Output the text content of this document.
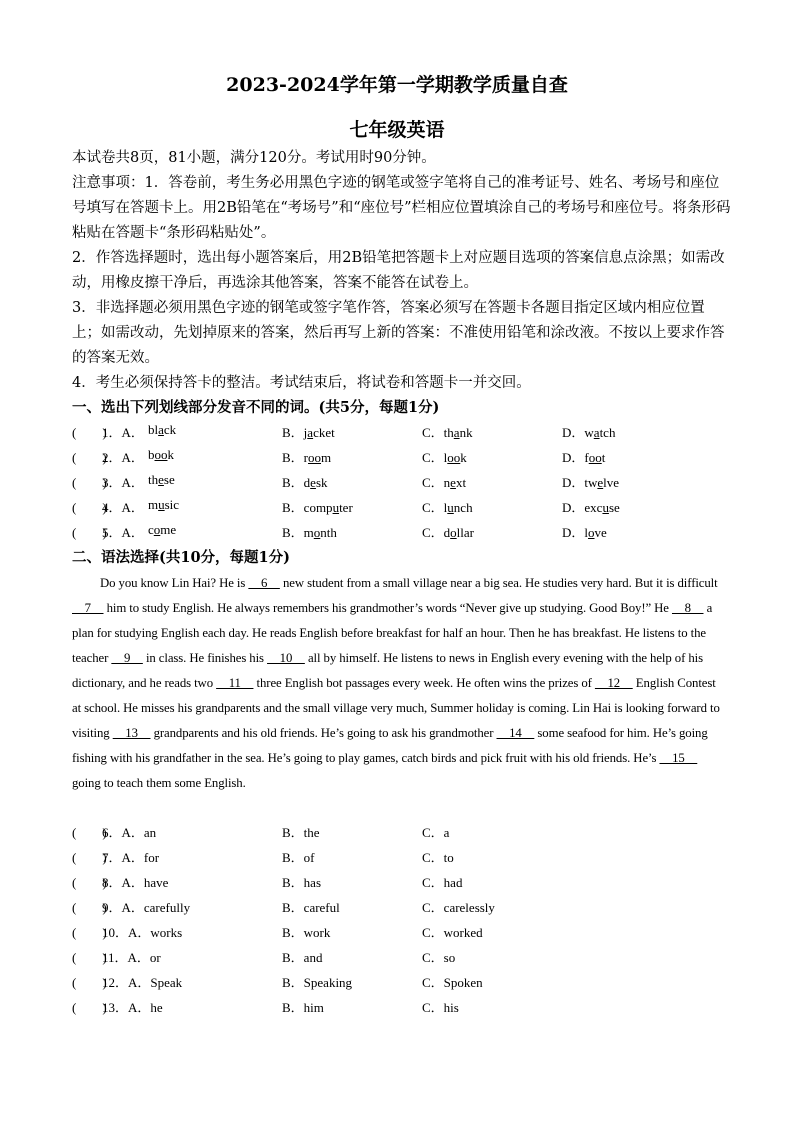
2023-2024学年第一学期教学质量自查
七年级英语
本试卷共8页，81小题，满分120分。考试用时90分钟。
注意事项：1．答卷前，考生务必用黑色字迹的钢笔或签字笔将自己的准考证号、姓名、考场号和座位号填写在答题卡上。用2B铅笔在“考场号”和“座位号”栏相应位置填涂自己的考场号和座位号。将条形码粘贴在答题卡“条形码粘贴处”。
2．作答选择题时，选出每小题答案后，用2B铅笔把答题卡上对应题目选项的答案信息点涂黑；如需改动，用橡皮擦干净后，再选涂其他答案，答案不能答在试卷上。
3．非选择题必须用黑色字迹的钢笔或签字笔作答，答案必须写在答题卡各题目指定区域内相应位置上；如需改动，先划掉原来的答案，然后再写上新的答案：不准使用铅笔和涂改液。不按以上要求作答的答案无效。
4．考生必须保持答卡的整洁。考试结束后，将试卷和答题卡一并交回。
一、选出下列划线部分发音不同的词。(共5分，每题1分)
(　　)
1．A． black	B．jacket	C．thank	D．watch
(　　)
2．A． book	B．room	C．look	D．foot
(　　)
3．A． these	B．desk	C．next	D．twelve
(　　)
4．A． music	B．computer	C．lunch	D．excuse
(　　)
5．A． come	B．month	C．dollar	D．love
二、语法选择(共10分，每题1分)
Do you know Lin Hai? He is   6   new student from a small village near a big sea. He studies very hard. But it is difficult   7   him to study English. He always remembers his grandmother’s words “Never give up studying. Good Boy!” He   8   a plan for studying English each day. He reads English before breakfast for half an hour. Then he has breakfast. He listens to the teacher   9   in class. He finishes his   10   all by himself. He listens to news in English every evening with the help of his dictionary, and he reads two   11   three English bot passages every week. He often wins the prizes of   12   English Contest at school. He misses his grandparents and the small village very much, Summer holiday is coming. Lin Hai is looking forward to visiting   13   grandparents and his old friends. He’s going to ask his grandmother   14   some seafood for him. He’s going fishing with his grandfather in the sea. He’s going to play games, catch birds and pick fruit with his old friends. He’s   15   going to teach them some English.
(　　)
6．A．an	B．the	C．a
(　　)
7．A．for	B．of	C．to
(　　)
8．A．have	B．has	C．had
(　　)
9．A．carefully	B．careful	C．carelessly
(　　)
10．A．works	B．work	C．worked
(　　)
11．A．or	B．and	C．so
(　　)
12．A．Speak	B．Speaking	C．Spoken
(　　)
13．A．he	B．him	C．his
